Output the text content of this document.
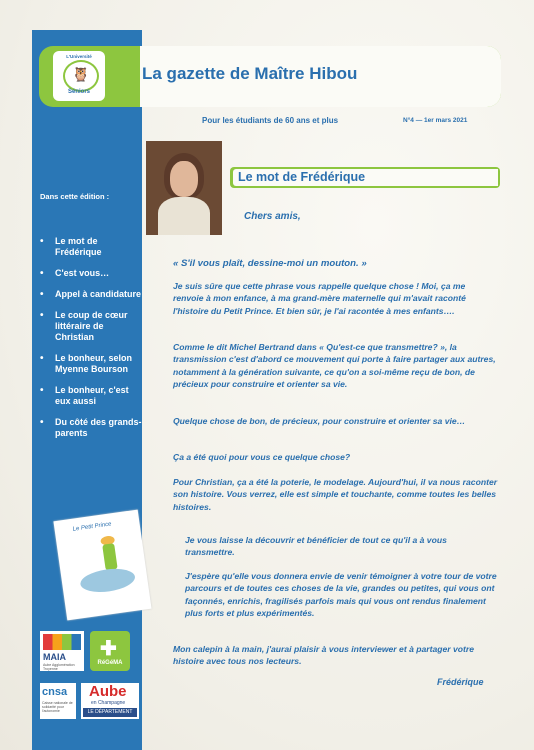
Dans cette édition :
• Le mot de Frédérique
• C'est vous…
• Appel à candidature
• Le coup de cœur littéraire de Christian
• Le bonheur, selon Myenne Bourson
• Le bonheur, c'est eux aussi
• Du côté des grands-parents
L'Université
🦉
Séniors
La gazette de Maître Hibou
Pour les étudiants de 60 ans et plus	N°4 — 1er mars 2021
Le mot de Frédérique
Chers amis,
« S'il vous plaît, dessine-moi un mouton. »
Je suis sûre que cette phrase vous rappelle quelque chose ! Moi, ça me renvoie à mon enfance, à ma grand-mère maternelle qui m'avait raconté l'histoire du Petit Prince. Et bien sûr, je l'ai racontée à mes enfants….
Comme le dit Michel Bertrand dans « Qu'est-ce que transmettre? », la transmission c'est d'abord ce mouvement qui porte à faire partager aux autres, notamment à la génération suivante, ce qu'on a soi-même reçu de bon, de précieux pour construire et orienter sa vie.
Quelque chose de bon, de précieux, pour construire et orienter sa vie…
Ça a été quoi pour vous ce quelque chose?
Pour Christian, ça a été la poterie, le modelage. Aujourd'hui, il va nous raconter son histoire. Vous verrez, elle est simple et touchante, comme toutes les belles histoires.
Je vous laisse la découvrir et bénéficier de tout ce qu'il a à vous transmettre.
J'espère qu'elle vous donnera envie de venir témoigner à votre tour de votre parcours et de toutes ces choses de la vie, grandes ou petites, qui vous ont façonnés, enrichis, fragilisés parfois mais qui vous ont rendus finalement plus forts et plus expérimentés.
Mon calepin à la main, j'aurai plaisir à vous interviewer et à partager votre histoire avec tous nos lecteurs.
Frédérique
Le Petit Prince
MAIA
Aube Agglomération Troyenne
✚
RéGéMA
cnsa
Caisse nationale de solidarité pour l'autonomie
Aube
en Champagne
LE DÉPARTEMENT
